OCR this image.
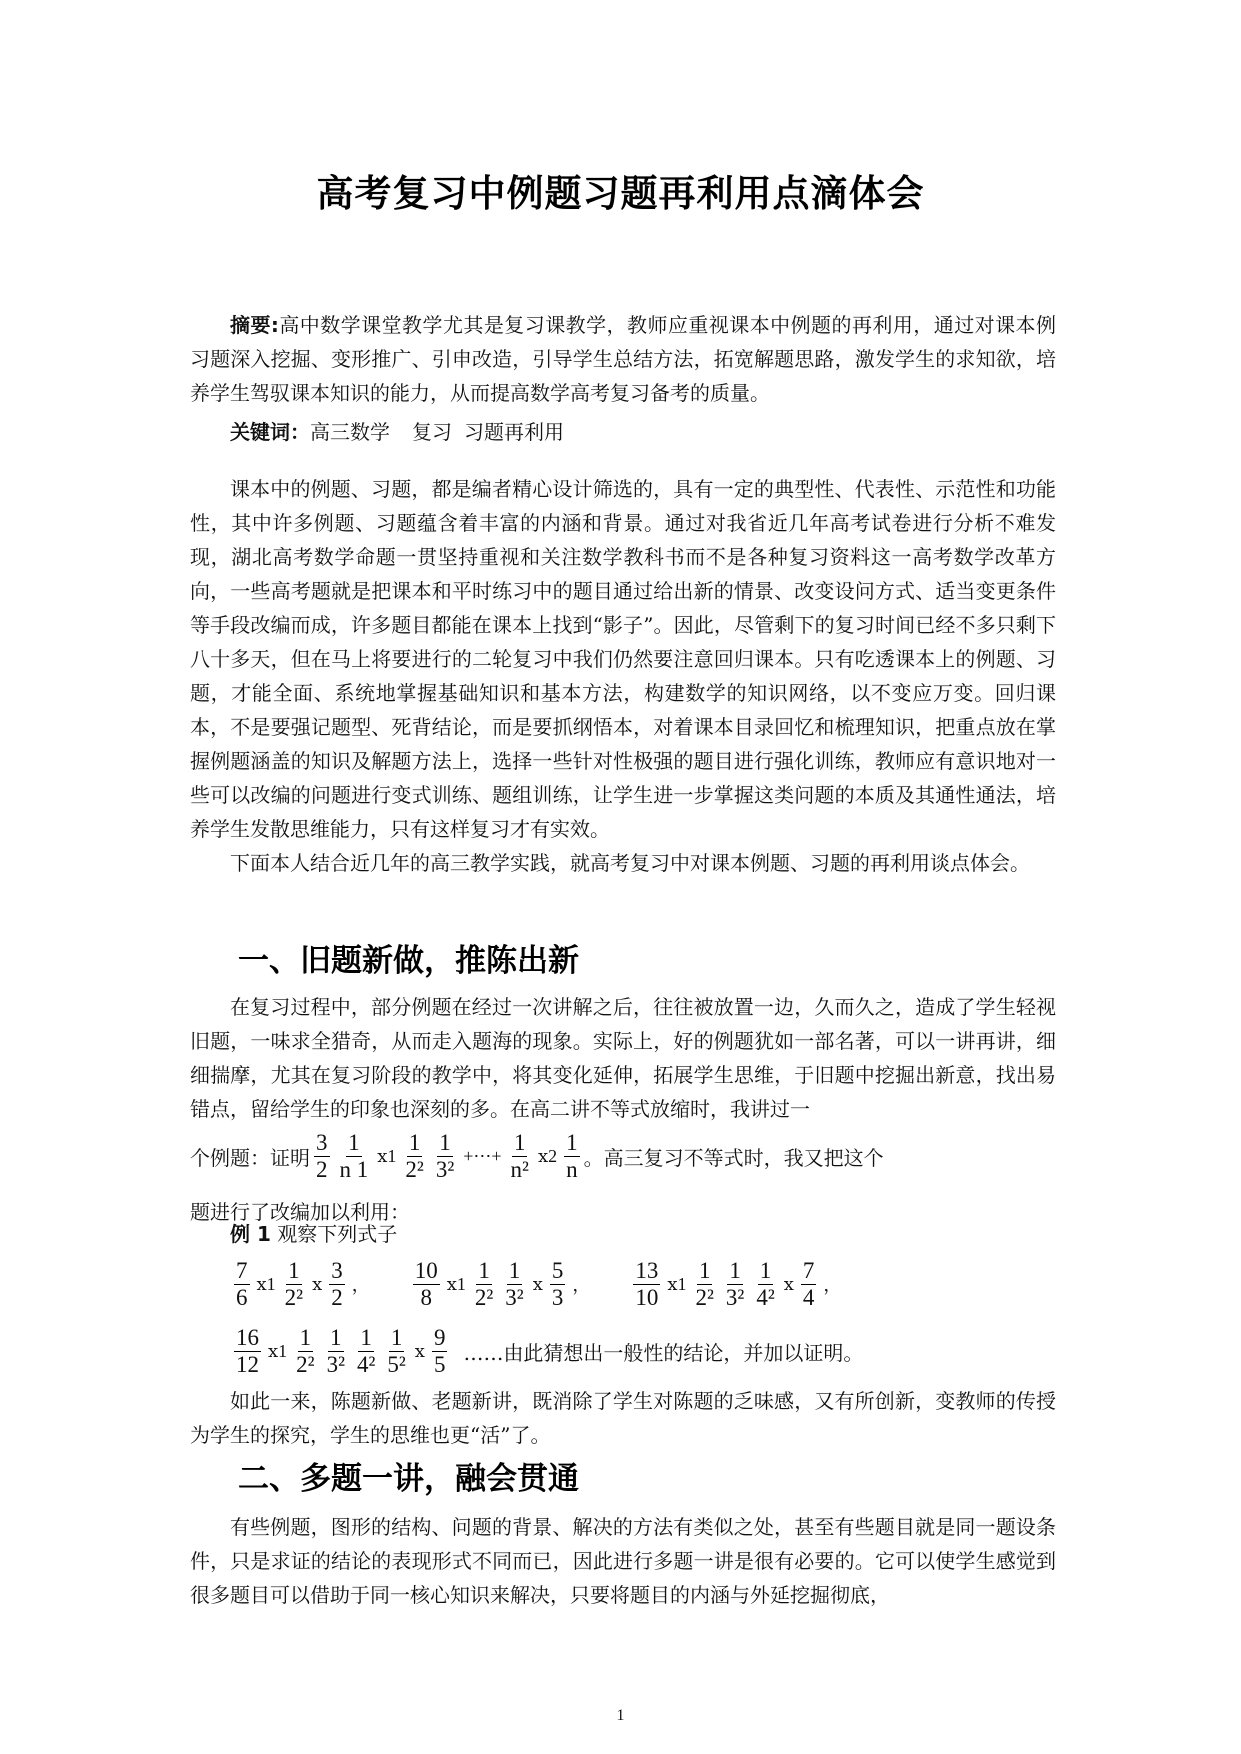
高考复习中例题习题再利用点滴体会

摘要:高中数学课堂教学尤其是复习课教学，教师应重视课本中例题的再利用，通过对课本例习题深入挖掘、变形推广、引申改造，引导学生总结方法，拓宽解题思路，激发学生的求知欲，培养学生驾驭课本知识的能力，从而提高数学高考复习备考的质量。

关键词：高三数学 复习 习题再利用

课本中的例题、习题，都是编者精心设计筛选的，具有一定的典型性、代表性、示范性和功能性，其中许多例题、习题蕴含着丰富的内涵和背景。通过对我省近几年高考试卷进行分析不难发现，湖北高考数学命题一贯坚持重视和关注数学教科书而不是各种复习资料这一高考数学改革方向，一些高考题就是把课本和平时练习中的题目通过给出新的情景、改变设问方式、适当变更条件等手段改编而成，许多题目都能在课本上找到“影子”。因此，尽管剩下的复习时间已经不多只剩下八十多天，但在马上将要进行的二轮复习中我们仍然要注意回归课本。只有吃透课本上的例题、习题，才能全面、系统地掌握基础知识和基本方法，构建数学的知识网络，以不变应万变。回归课本，不是要强记题型、死背结论，而是要抓纲悟本，对着课本目录回忆和梳理知识，把重点放在掌握例题涵盖的知识及解题方法上，选择一些针对性极强的题目进行强化训练，教师应有意识地对一些可以改编的问题进行变式训练、题组训练，让学生进一步掌握这类问题的本质及其通性通法，培养学生发散思维能力，只有这样复习才有实效。

下面本人结合近几年的高三教学实践，就高考复习中对课本例题、习题的再利用谈点体会。

一、旧题新做，推陈出新

在复习过程中，部分例题在经过一次讲解之后，往往被放置一边，久而久之，造成了学生轻视旧题，一味求全猎奇，从而走入题海的现象。实际上，好的例题犹如一部名著，可以一讲再讲，细细揣摩，尤其在复习阶段的教学中，将其变化延伸，拓展学生思维，于旧题中挖掘出新意，找出易错点，留给学生的印象也深刻的多。在高二讲不等式放缩时，我讲过一

个例题：证明 $\frac{3}{2} \frac{1}{n 1}$ ⅹ1 $\frac{1}{\text{2²}} \frac{1}{\text{3²}}$ +⋯+ $\frac{1}{\text{n²}}$ ⅹ2 $\frac{1}{n}$ 。高三复习不等式时，我又把这个
题进行了改编加以利用：
例 1 观察下列式子
$\frac{7}{6}$ ⅹ1 $\frac{1}{\text{2²}}$ ⅹ $\frac{3}{2}$ ， $\frac{10}{8}$ ⅹ1 $\frac{1}{\text{2²}} \frac{1}{\text{3²}}$ ⅹ $\frac{5}{3}$ ， $\frac{13}{10}$ ⅹ1 $\frac{1}{\text{2²}} \frac{1}{\text{3²}} \frac{1}{\text{4²}}$ ⅹ $\frac{7}{4}$ ，
$\frac{16}{12}$ ⅹ1 $\frac{1}{\text{2²}} \frac{1}{\text{3²}} \frac{1}{\text{4²}} \frac{1}{\text{5²}}$ ⅹ $\frac{9}{5}$ ……由此猜想出一般性的结论，并加以证明。

如此一来，陈题新做、老题新讲，既消除了学生对陈题的乏味感，又有所创新，变教师的传授为学生的探究，学生的思维也更“活”了。

二、多题一讲，融会贯通

有些例题，图形的结构、问题的背景、解决的方法有类似之处，甚至有些题目就是同一题设条件，只是求证的结论的表现形式不同而已，因此进行多题一讲是很有必要的。它可以使学生感觉到很多题目可以借助于同一核心知识来解决，只要将题目的内涵与外延挖掘彻底，

1
